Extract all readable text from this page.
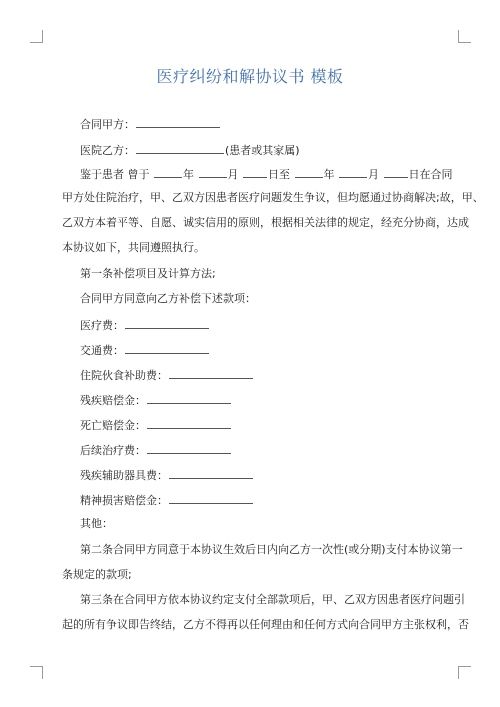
医疗纠纷和解协议书 模板
合同甲方：
医院乙方：	(患者或其家属)
鉴于患者 曾于	年	月	日至	年	月	日在合同
甲方处住院治疗，甲、乙双方因患者医疗问题发生争议，但均愿通过协商解决;故，甲、
乙双方本着平等、自愿、诚实信用的原则，根据相关法律的规定，经充分协商，达成
本协议如下，共同遵照执行。
第一条补偿项目及计算方法;
合同甲方同意向乙方补偿下述款项：
医疗费：
交通费：
住院伙食补助费：
残疾赔偿金：
死亡赔偿金：
后续治疗费：
残疾辅助器具费：
精神损害赔偿金：
其他：
第二条合同甲方同意于本协议生效后日内向乙方一次性(或分期)支付本协议第一
条规定的款项;
第三条在合同甲方依本协议约定支付全部款项后，甲、乙双方因患者医疗问题引
起的所有争议即告终结，乙方不得再以任何理由和任何方式向合同甲方主张权利，否
